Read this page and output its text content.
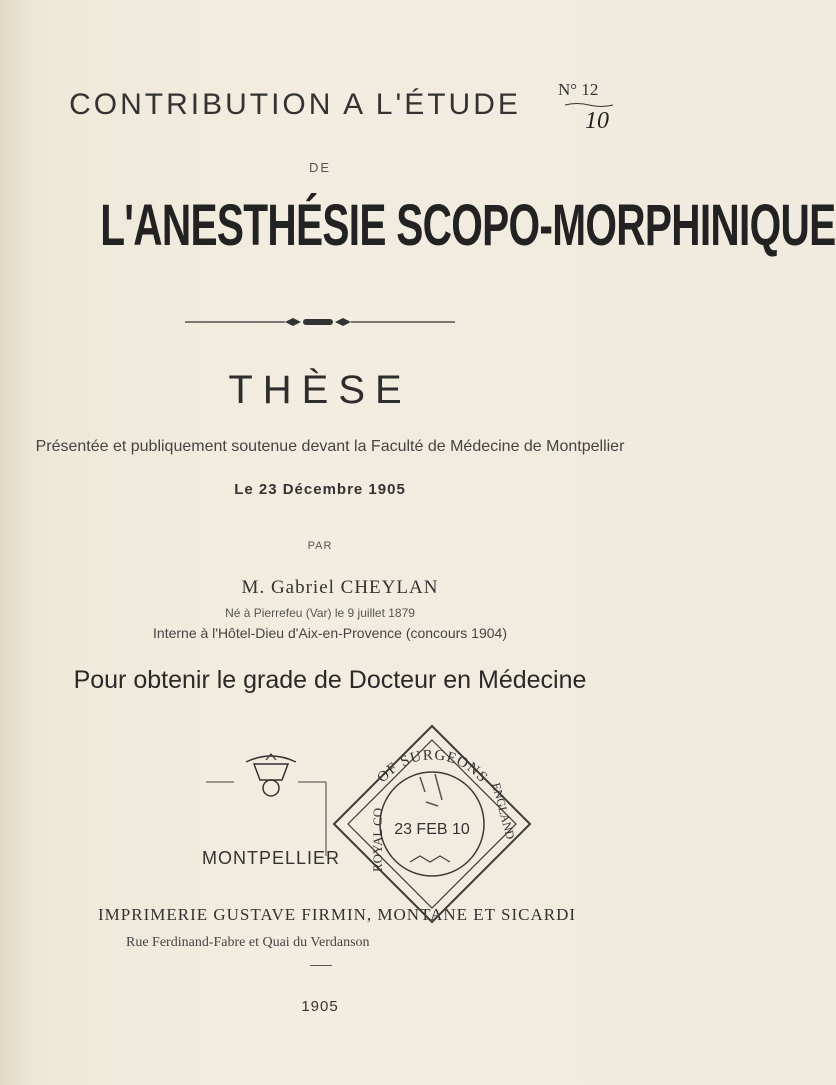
CONTRIBUTION A L'ÉTUDE
DE
L'ANESTHÉSIE SCOPO-MORPHINIQUE
THÈSE
Présentée et publiquement soutenue devant la Faculté de Médecine de Montpellier
Le 23 Décembre 1905
PAR
M. Gabriel CHEYLAN
Né à Pierrefeu (Var) le 9 juillet 1879
Interne à l'Hôtel-Dieu d'Aix-en-Provence (concours 1904)
Pour obtenir le grade de Docteur en Médecine
MONTPELLIER
IMPRIMERIE GUSTAVE FIRMIN, MONTANE ET SICARDI
Rue Ferdinand-Fabre et Quai du Verdanson
1905
N° 12
10
OF SURGEONS
ROYAL CO	ENGLAND
23 FEB 10
